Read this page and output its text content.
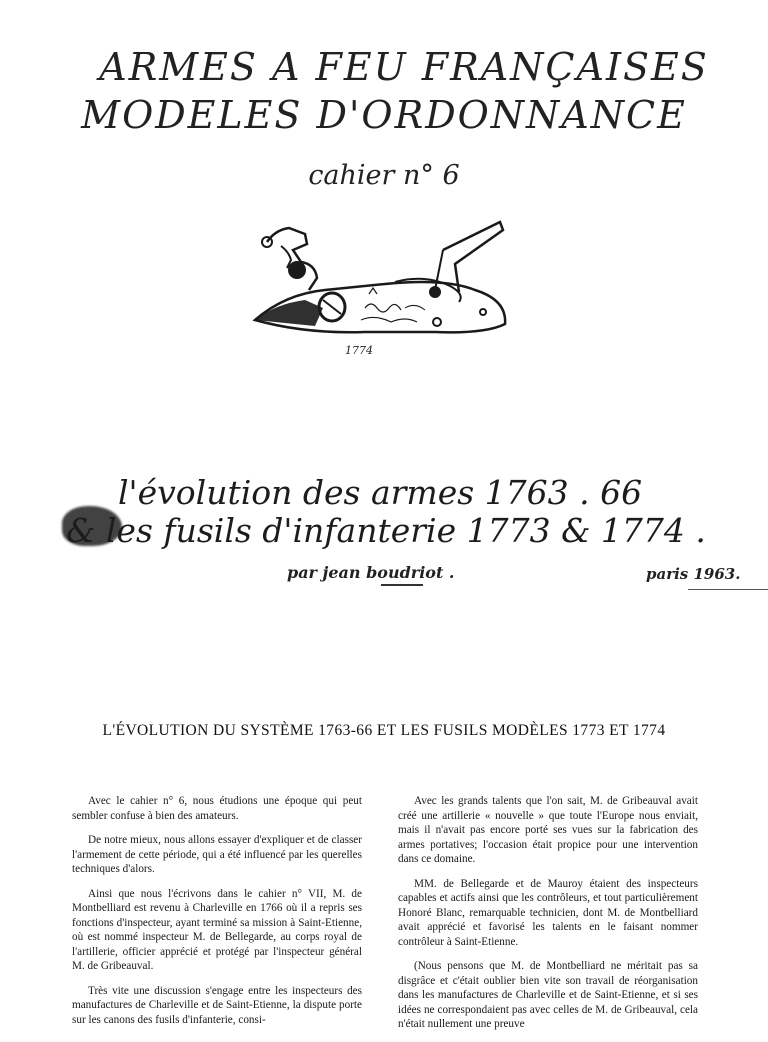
ARMES A FEU FRANÇAISES
MODELES D'ORDONNANCE
cahier n° 6
1774
l'évolution des armes 1763 . 66
& les fusils d'infanterie 1773 & 1774 .
par jean boudriot .	paris 1963.
L'ÉVOLUTION DU SYSTÈME 1763-66 ET LES FUSILS MODÈLES 1773 ET 1774

Avec le cahier n° 6, nous étudions une époque qui peut sembler confuse à bien des amateurs.

De notre mieux, nous allons essayer d'expliquer et de classer l'armement de cette période, qui a été influencé par les querelles techniques d'alors.

Ainsi que nous l'écrivons dans le cahier n° VII, M. de Montbelliard est revenu à Charleville en 1766 où il a repris ses fonctions d'inspecteur, ayant terminé sa mission à Saint-Etienne, où est nommé inspecteur M. de Bellegarde, au corps royal de l'artillerie, officier apprécié et protégé par l'inspecteur général M. de Gribeauval.

Très vite une discussion s'engage entre les inspecteurs des manufactures de Charleville et de Saint-Etienne, la dispute porte sur les canons des fusils d'infanterie, consi-

Avec les grands talents que l'on sait, M. de Gribeauval avait créé une artillerie « nouvelle » que toute l'Europe nous enviait, mais il n'avait pas encore porté ses vues sur la fabrication des armes portatives; l'occasion était propice pour une intervention dans ce domaine.

MM. de Bellegarde et de Mauroy étaient des inspecteurs capables et actifs ainsi que les contrôleurs, et tout particulièrement Honoré Blanc, remarquable technicien, dont M. de Montbelliard avait apprécié et favorisé les talents en le faisant nommer contrôleur à Saint-Etienne.

(Nous pensons que M. de Montbelliard ne méritait pas sa disgrâce et c'était oublier bien vite son travail de réorganisation dans les manufactures de Charleville et de Saint-Etienne, et si ses idées ne correspondaient pas avec celles de M. de Gribeauval, cela n'était nullement une preuve
